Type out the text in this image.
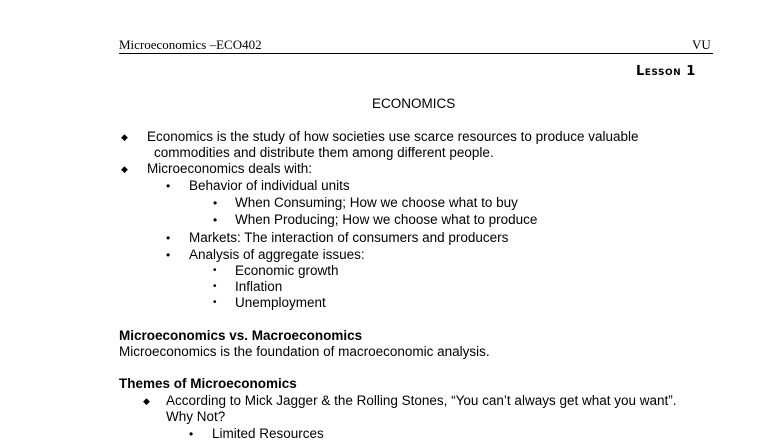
Microeconomics –ECO402	VU
Lesson 1
ECONOMICS
◆ Economics is the study of how societies use scarce resources to produce valuable
commodities and distribute them among different people.
◆ Microeconomics deals with:
• Behavior of individual units
• When Consuming; How we choose what to buy
• When Producing; How we choose what to produce
• Markets: The interaction of consumers and producers
• Analysis of aggregate issues:
• Economic growth
• Inflation
• Unemployment
Microeconomics vs. Macroeconomics
Microeconomics is the foundation of macroeconomic analysis.
Themes of Microeconomics
◆ According to Mick Jagger & the Rolling Stones, “You can’t always get what you want”.
Why Not?
• Limited Resources
